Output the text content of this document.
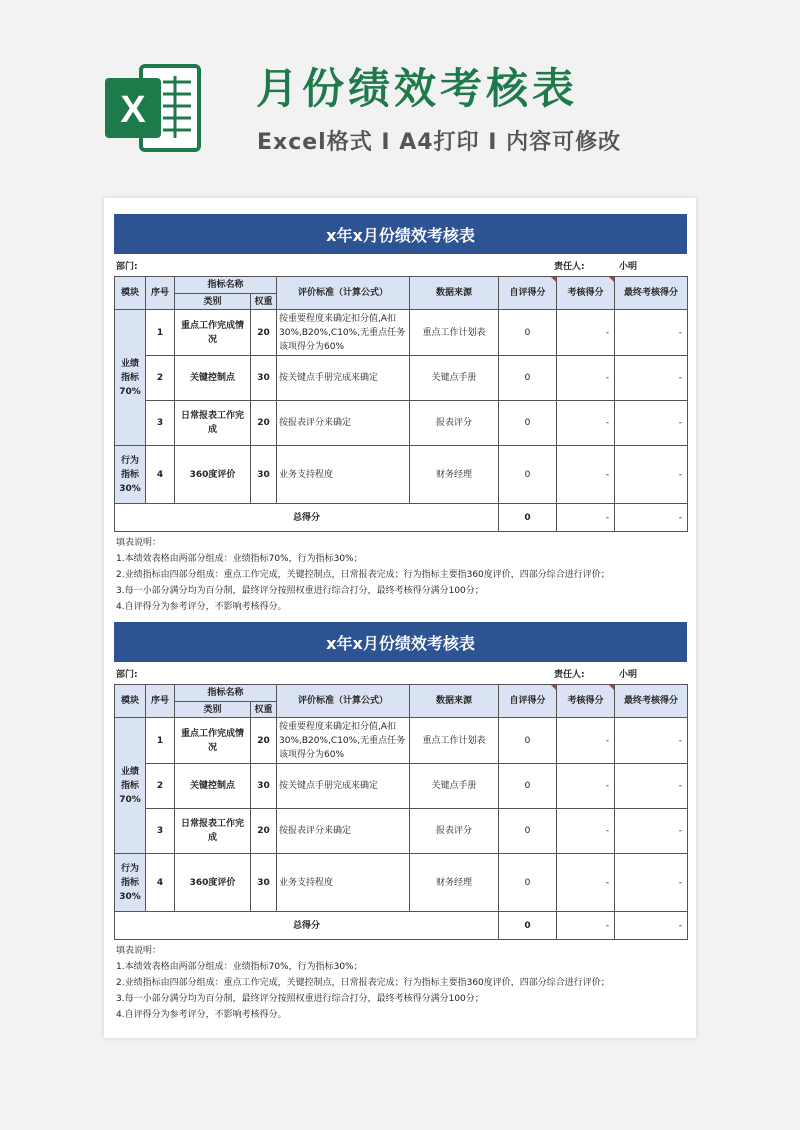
X	月份绩效考核表
Excel格式 I A4打印 I 内容可修改
x年x月份绩效考核表
部门:	责任人:	小明
模块	序号	指标名称		评价标准（计算公式）	数据来源	自评得分	考核得分	最终考核得分
		类别	权重					
业绩指标70%	1	重点工作完成情况	20	按重要程度来确定扣分值,A扣30%,B20%,C10%,无重点任务该项得分为60%	重点工作计划表	0	-	-
	2	关键控制点	30	按关键点手册完成来确定	关键点手册	0	-	-
	3	日常报表工作完成	20	按报表评分来确定	报表评分	0	-	-
行为指标30%	4	360度评价	30	业务支持程度	财务经理	0	-	-
总得分						0	-	-
填表说明：
1.本绩效表格由两部分组成：业绩指标70%，行为指标30%；
2.业绩指标由四部分组成：重点工作完成，关键控制点，日常报表完成；行为指标主要指360度评价，四部分综合进行评价；
3.每一小部分满分均为百分制，最终评分按照权重进行综合打分，最终考核得分满分100分；
4.自评得分为参考评分，不影响考核得分。
x年x月份绩效考核表
部门:	责任人:	小明
模块	序号	指标名称		评价标准（计算公式）	数据来源	自评得分	考核得分	最终考核得分
		类别	权重					
业绩指标70%	1	重点工作完成情况	20	按重要程度来确定扣分值,A扣30%,B20%,C10%,无重点任务该项得分为60%	重点工作计划表	0	-	-
	2	关键控制点	30	按关键点手册完成来确定	关键点手册	0	-	-
	3	日常报表工作完成	20	按报表评分来确定	报表评分	0	-	-
行为指标30%	4	360度评价	30	业务支持程度	财务经理	0	-	-
总得分						0	-	-
填表说明：
1.本绩效表格由两部分组成：业绩指标70%，行为指标30%；
2.业绩指标由四部分组成：重点工作完成，关键控制点，日常报表完成；行为指标主要指360度评价，四部分综合进行评价；
3.每一小部分满分均为百分制，最终评分按照权重进行综合打分，最终考核得分满分100分；
4.自评得分为参考评分，不影响考核得分。
